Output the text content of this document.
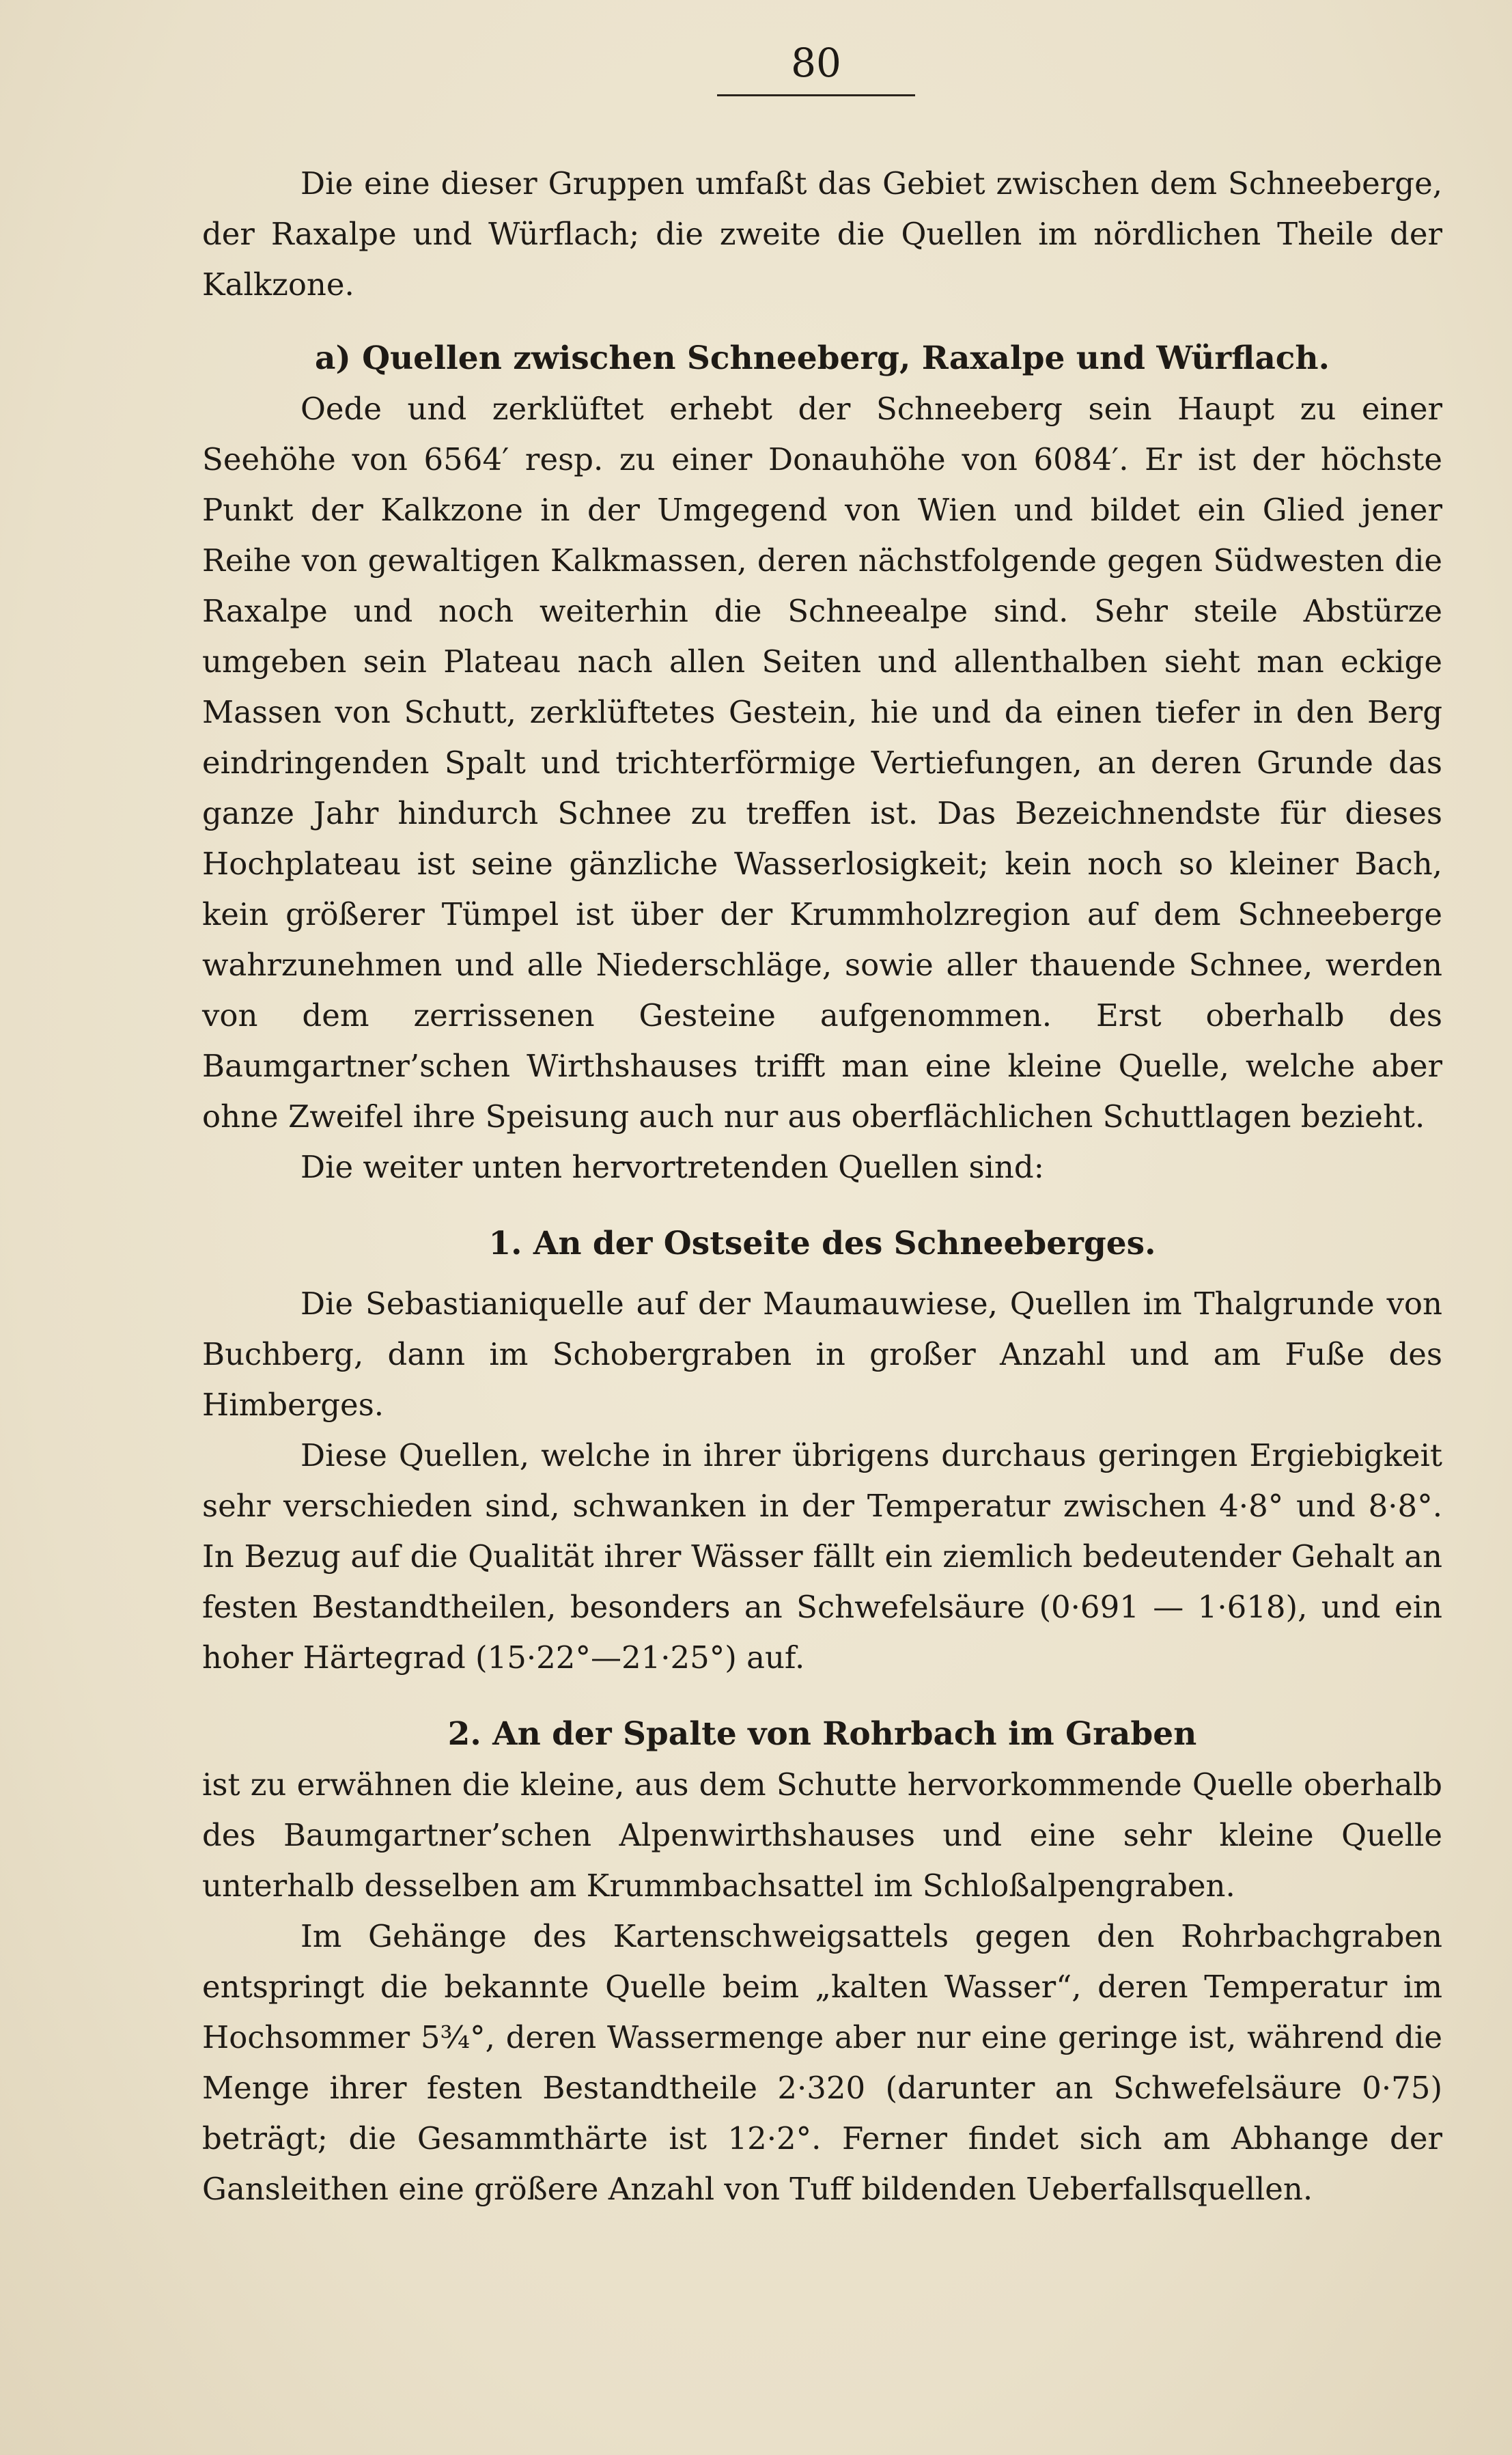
80

Die eine dieser Gruppen umfaßt das Gebiet zwischen dem Schneeberge, der Raxalpe und Würflach; die zweite die Quellen im nördlichen Theile der Kalkzone.

a) Quellen zwischen Schneeberg, Raxalpe und Würflach.

Oede und zerklüftet erhebt der Schneeberg sein Haupt zu einer Seehöhe von 6564′ resp. zu einer Donauhöhe von 6084′. Er ist der höchste Punkt der Kalkzone in der Umgegend von Wien und bildet ein Glied jener Reihe von gewaltigen Kalkmassen, deren nächstfolgende gegen Südwesten die Raxalpe und noch weiterhin die Schneealpe sind. Sehr steile Abstürze umgeben sein Plateau nach allen Seiten und allenthalben sieht man eckige Massen von Schutt, zerklüftetes Gestein, hie und da einen tiefer in den Berg eindringenden Spalt und trichterförmige Vertiefungen, an deren Grunde das ganze Jahr hindurch Schnee zu treffen ist. Das Bezeichnendste für dieses Hochplateau ist seine gänzliche Wasserlosigkeit; kein noch so kleiner Bach, kein größerer Tümpel ist über der Krummholzregion auf dem Schneeberge wahrzunehmen und alle Niederschläge, sowie aller thauende Schnee, werden von dem zerrissenen Gesteine aufgenommen. Erst oberhalb des Baumgartner’schen Wirthshauses trifft man eine kleine Quelle, welche aber ohne Zweifel ihre Speisung auch nur aus oberflächlichen Schuttlagen bezieht.

Die weiter unten hervortretenden Quellen sind:

1. An der Ostseite des Schneeberges.

Die Sebastianiquelle auf der Maumauwiese, Quellen im Thalgrunde von Buchberg, dann im Schobergraben in großer Anzahl und am Fuße des Himberges.

Diese Quellen, welche in ihrer übrigens durchaus geringen Ergiebigkeit sehr verschieden sind, schwanken in der Temperatur zwischen 4·8° und 8·8°. In Bezug auf die Qualität ihrer Wässer fällt ein ziemlich bedeutender Gehalt an festen Bestandtheilen, besonders an Schwefelsäure (0·691 — 1·618), und ein hoher Härtegrad (15·22°—21·25°) auf.

2. An der Spalte von Rohrbach im Graben

ist zu erwähnen die kleine, aus dem Schutte hervorkommende Quelle oberhalb des Baumgartner’schen Alpenwirthshauses und eine sehr kleine Quelle unterhalb desselben am Krummbachsattel im Schloßalpengraben.

Im Gehänge des Kartenschweigsattels gegen den Rohrbachgraben entspringt die bekannte Quelle beim „kalten Wasser“, deren Temperatur im Hochsommer 5¾°, deren Wassermenge aber nur eine geringe ist, während die Menge ihrer festen Bestandtheile 2·320 (darunter an Schwefelsäure 0·75) beträgt; die Gesammthärte ist 12·2°. Ferner findet sich am Abhange der Gansleithen eine größere Anzahl von Tuff bildenden Ueberfallsquellen.
